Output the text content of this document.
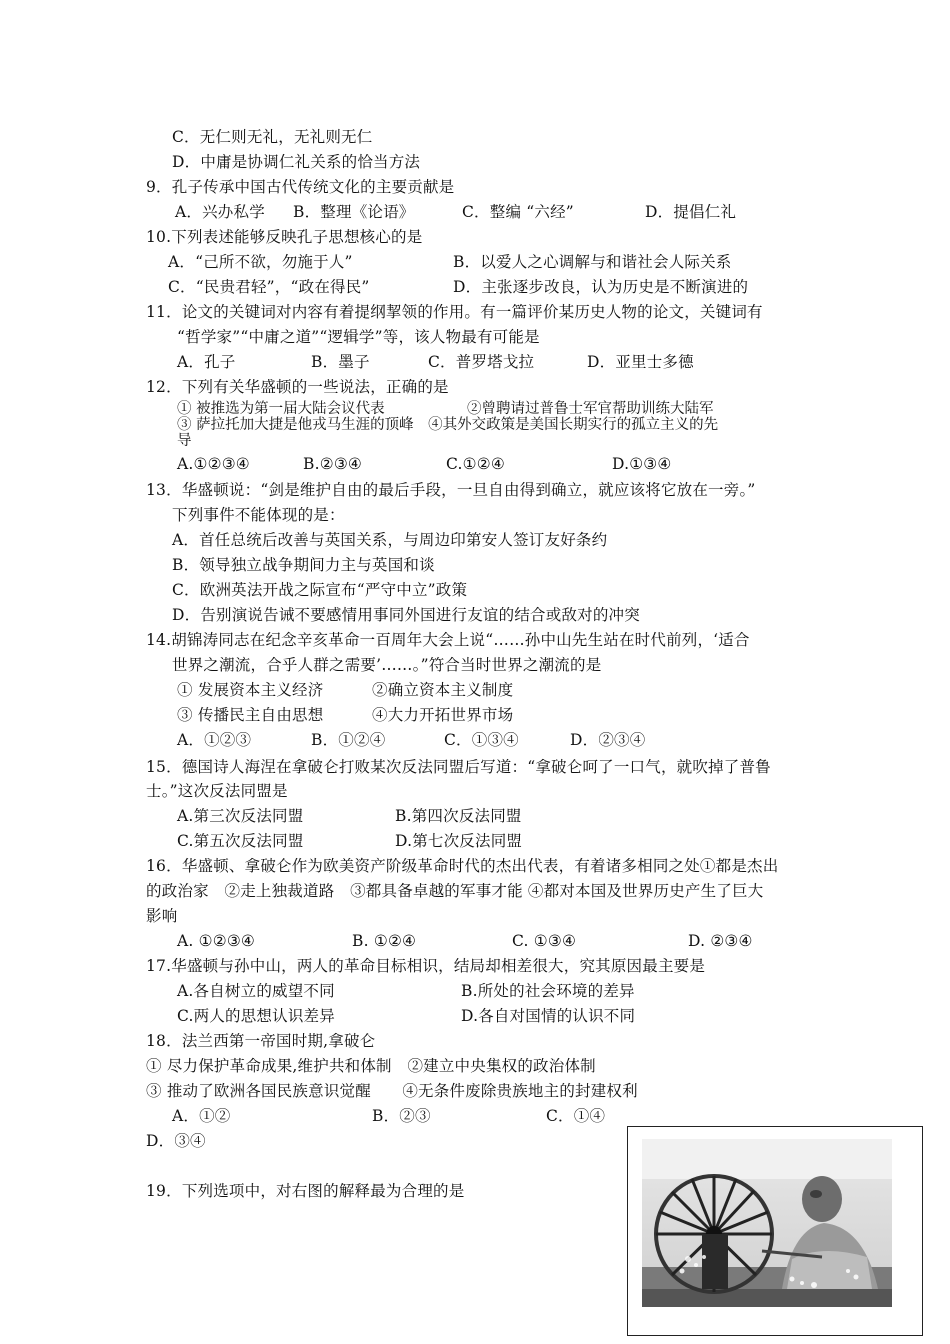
C．无仁则无礼，无礼则无仁
D．中庸是协调仁礼关系的恰当方法
9．孔子传承中国古代传统文化的主要贡献是
A．兴办私学 B．整理《论语》	C．整编 “六经”	D．提倡仁礼
10.下列表述能够反映孔子思想核心的是
A．“己所不欲，勿施于人”	B．以爱人之心调解与和谐社会人际关系
C．“民贵君轻”，“政在得民”	D．主张逐步改良，认为历史是不断演进的
11．论文的关键词对内容有着提纲挈领的作用。有一篇评价某历史人物的论文，关键词有
“哲学家”“中庸之道”“逻辑学”等，该人物最有可能是
A．孔子	B．墨子	C．普罗塔戈拉	D．亚里士多德
12．下列有关华盛顿的一些说法，正确的是
① 被推选为第一届大陆会议代表	②曾聘请过普鲁士军官帮助训练大陆军
③ 萨拉托加大捷是他戎马生涯的顶峰　④其外交政策是美国长期实行的孤立主义的先
导
A.①②③④	B.②③④	C.①②④	D.①③④
13．华盛顿说：“剑是维护自由的最后手段，一旦自由得到确立，就应该将它放在一旁。”
下列事件不能体现的是：
A．首任总统后改善与英国关系，与周边印第安人签订友好条约
B．领导独立战争期间力主与英国和谈
C．欧洲英法开战之际宣布“严守中立”政策
D．告别演说告诫不要感情用事同外国进行友谊的结合或敌对的冲突
14.胡锦涛同志在纪念辛亥革命一百周年大会上说“……孙中山先生站在时代前列，‘适合
世界之潮流，合乎人群之需要’……。”符合当时世界之潮流的是
① 发展资本主义经济	②确立资本主义制度
③ 传播民主自由思想	④大力开拓世界市场
A．①②③	B．①②④	C．①③④	D．②③④
15．德国诗人海涅在拿破仑打败某次反法同盟后写道：“拿破仑呵了一口气，就吹掉了普鲁
士。”这次反法同盟是
A.第三次反法同盟	B.第四次反法同盟
C.第五次反法同盟	D.第七次反法同盟
16．华盛顿、拿破仑作为欧美资产阶级革命时代的杰出代表，有着诸多相同之处①都是杰出
的政治家　②走上独裁道路　③都具备卓越的军事才能 ④都对本国及世界历史产生了巨大
影响
A. ①②③④	B. ①②④	C. ①③④	D. ②③④
17.华盛顿与孙中山，两人的革命目标相识，结局却相差很大，究其原因最主要是
A.各自树立的威望不同	B.所处的社会环境的差异
C.两人的思想认识差异	D.各自对国情的认识不同
18．法兰西第一帝国时期,拿破仑
① 尽力保护革命成果,维护共和体制　②建立中央集权的政治体制
③ 推动了欧洲各国民族意识觉醒　　④无条件废除贵族地主的封建权利
A．①②	B．②③	C．①④
D．③④
19．下列选项中，对右图的解释最为合理的是
